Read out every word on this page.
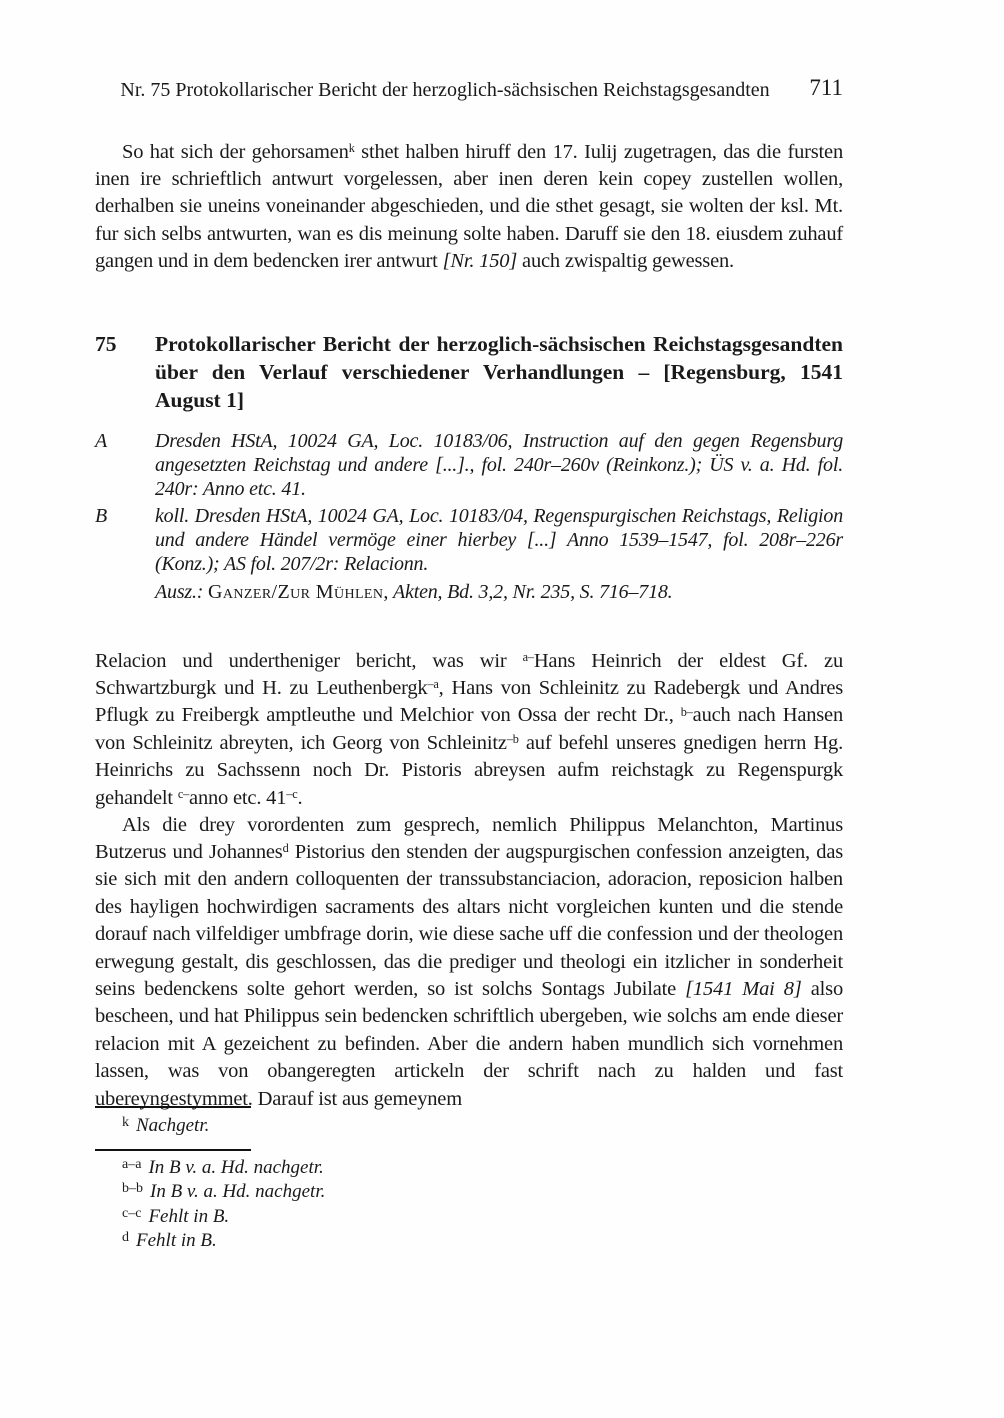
Nr. 75 Protokollarischer Bericht der herzoglich-sächsischen Reichstagsgesandten	711

So hat sich der gehorsamen$^k$ sthet halben hiruff den 17. Iulij zugetragen, das die fursten inen ire schrieftlich antwurt vorgelessen, aber inen deren kein copey zustellen wollen, derhalben sie uneins voneinander abgeschieden, und die sthet gesagt, sie wolten der ksl. Mt. fur sich selbs antwurten, wan es dis meinung solte haben. Daruff sie den 18. eiusdem zuhauf gangen und in dem bedencken irer antwurt [Nr. 150] auch zwispaltig gewessen.

75	Protokollarischer Bericht der herzoglich-sächsischen Reichstagsgesandten über den Verlauf verschiedener Verhandlungen – [Regensburg, 1541 August 1]
A	Dresden HStA, 10024 GA, Loc. 10183/06, Instruction auf den gegen Regensburg angesetzten Reichstag und andere [...]., fol. 240r–260v (Reinkonz.); ÜS v. a. Hd. fol. 240r: Anno etc. 41.
B	koll. Dresden HStA, 10024 GA, Loc. 10183/04, Regenspurgischen Reichstags, Religion und andere Händel vermöge einer hierbey [...] Anno 1539–1547, fol. 208r–226r (Konz.); AS fol. 207/2r: Relacionn.
Ausz.: Ganzer/Zur Mühlen, Akten, Bd. 3,2, Nr. 235, S. 716–718.

Relacion und undertheniger bericht, was wir $^{a-}$Hans Heinrich der eldest Gf. zu Schwartzburgk und H. zu Leuthenbergk$^{-a}$, Hans von Schleinitz zu Radebergk und Andres Pflugk zu Freibergk amptleuthe und Melchior von Ossa der recht Dr., $^{b-}$auch nach Hansen von Schleinitz abreyten, ich Georg von Schleinitz$^{-b}$ auf befehl unseres gnedigen herrn Hg. Heinrichs zu Sachssenn noch Dr. Pistoris abreysen aufm reichstagk zu Regenspurgk gehandelt $^{c-}$anno etc. $41^{-c}$.

Als die drey vorordenten zum gesprech, nemlich Philippus Melanchton, Martinus Butzerus und Johannes$^d$ Pistorius den stenden der augspurgischen confession anzeigten, das sie sich mit den andern colloquenten der transsubstanciacion, adoracion, reposicion halben des hayligen hochwirdigen sacraments des altars nicht vorgleichen kunten und die stende dorauf nach vilfeldiger umbfrage dorin, wie diese sache uff die confession und der theologen erwegung gestalt, dis geschlossen, das die prediger und theologi ein itzlicher in sonderheit seins bedenckens solte gehort werden, so ist solchs Sontags Jubilate [1541 Mai 8] also bescheen, und hat Philippus sein bedencken schriftlich ubergeben, wie solchs am ende dieser relacion mit A gezeichent zu befinden. Aber die andern haben mundlich sich vornehmen lassen, was von obangeregten artickeln der schrift nach zu halden und fast ubereyngestymmet. Darauf ist aus gemeynem

$^k$ Nachgetr.
$^{a-a}$ In B v. a. Hd. nachgetr.
$^{b-b}$ In B v. a. Hd. nachgetr.
$^{c-c}$ Fehlt in B.
$^d$ Fehlt in B.
